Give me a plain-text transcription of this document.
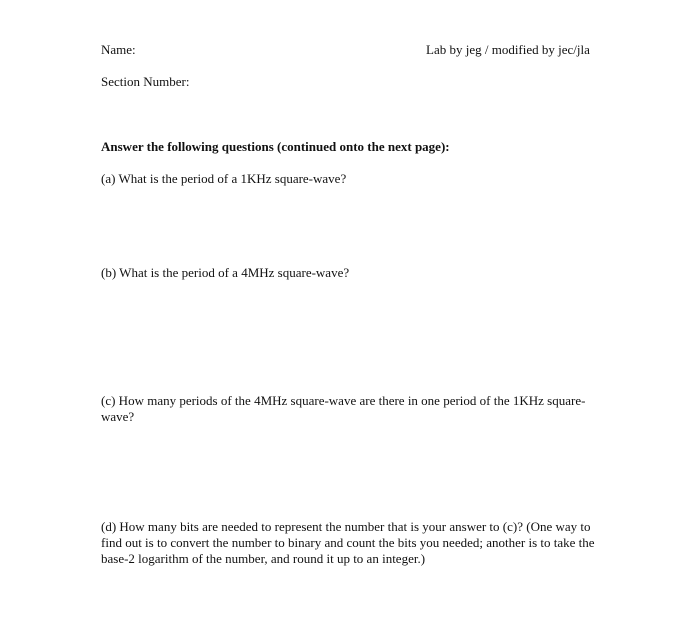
Name:	Lab by jeg / modified by jec/jla
Section Number:
Answer the following questions (continued onto the next page):
(a) What is the period of a 1KHz square-wave?
(b) What is the period of a 4MHz square-wave?
(c) How many periods of the 4MHz square-wave are there in one period of the 1KHz square-wave?
(d) How many bits are needed to represent the number that is your answer to (c)? (One way to find out is to convert the number to binary and count the bits you needed; another is to take the base-2 logarithm of the number, and round it up to an integer.)
